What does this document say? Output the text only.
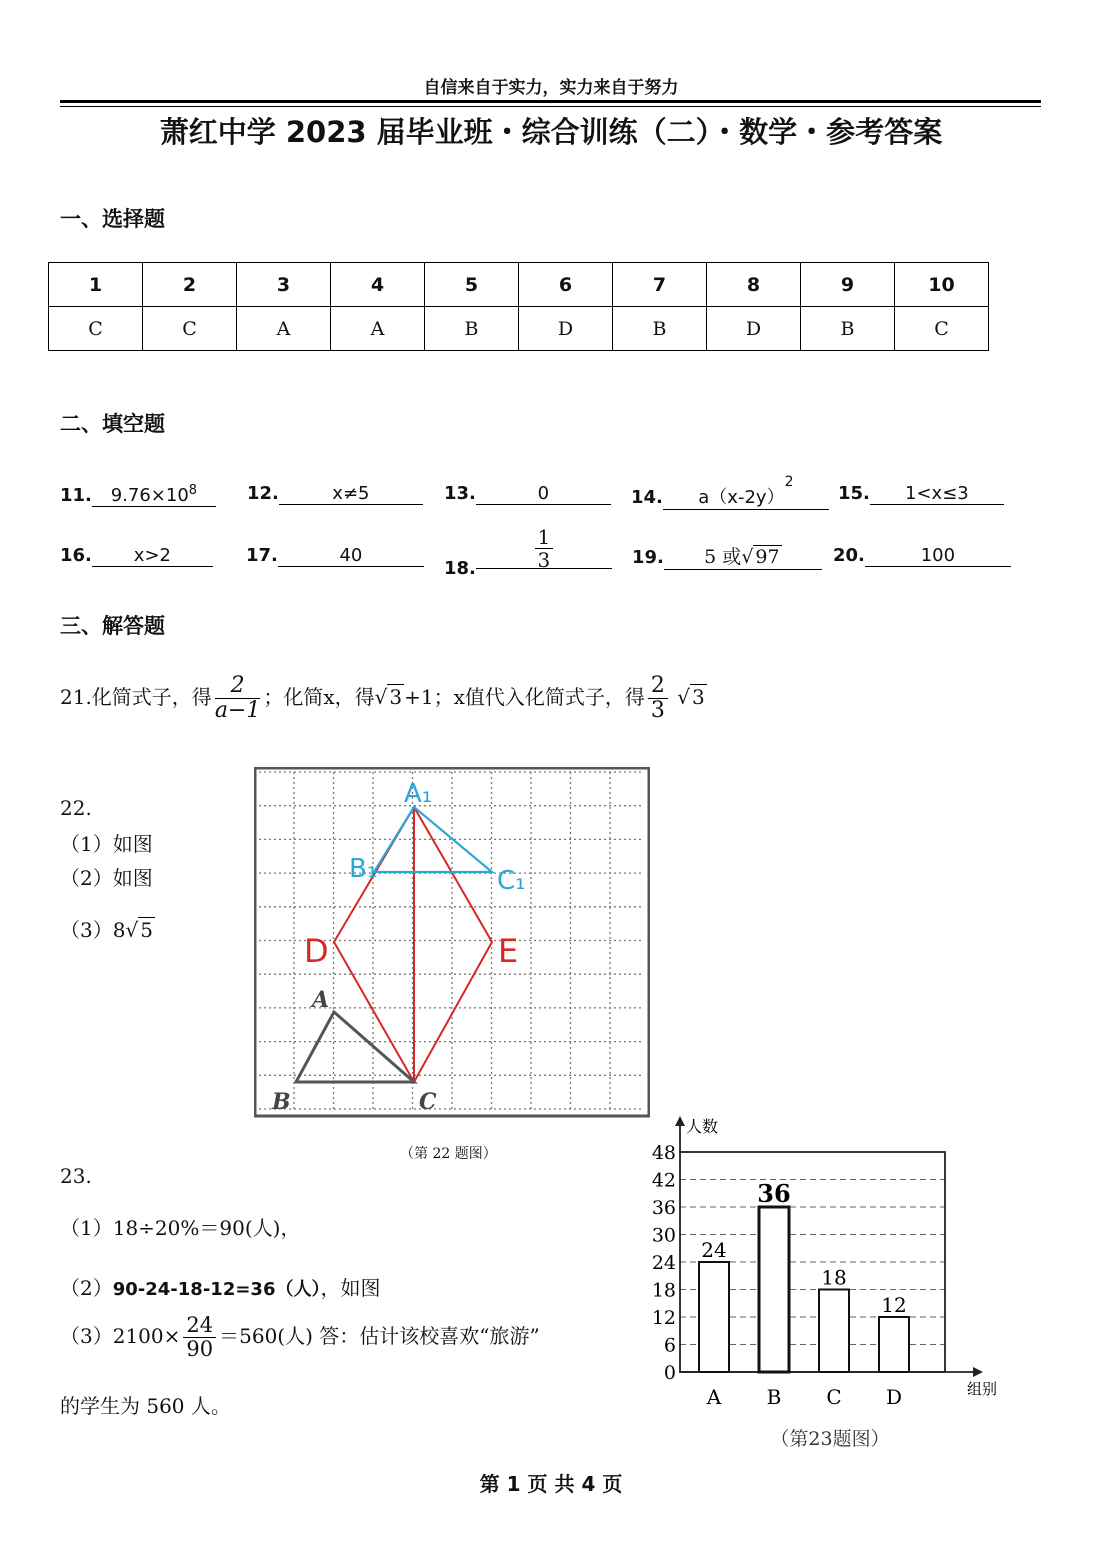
自信来自于实力，实力来自于努力
萧红中学 2023 届毕业班・综合训练（二）・数学・参考答案
一、选择题
1	2	3	4	5	6	7	8	9	10
C	C	A	A	B	D	B	D	B	C
二、填空题
11. $9.76\times 10^8$	12.	x≠5	13.	0	14. $a(x-2y)^2$
15. 1<x≤3
16. x>2	17.	40
18.	$\frac{1}{3}$	19. 5 或√ 97	20.	100
三、解答题
21.化简式子，得 $\frac{2}{a-1}$ ；化简x，得√ 3 +1；x值代入化简式子，得 $\frac{2}{3}$ √ 3
22.
（1）如图
（2）如图
（3）8√ 5
A₁
B₁	C₁
D	E
A
B	C
（第 22 题图）
23.
（1）18÷20%＝90(人)，
（2）90-24-18-12=36（人），如图
$(3)2100\times \frac{24}{90} =560$(人) 答：估计该校喜欢“旅游”
的学生为 560 人。
0
6
12
18
24
30
36
42
48
人数
组别
24
A
36
B
18
C
12
D
（第23题图）
第 1 页 共 4 页
